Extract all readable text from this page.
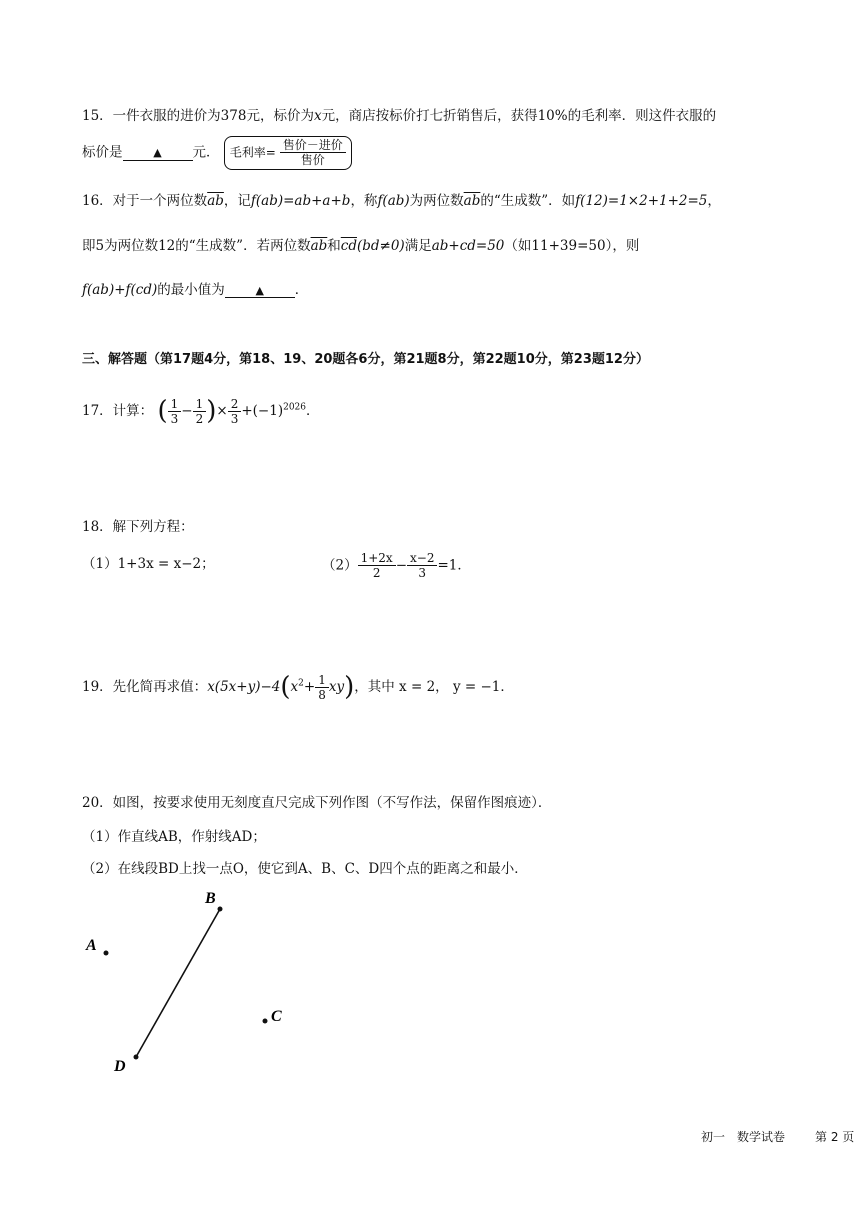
15．一件衣服的进价为378元，标价为x元，商店按标价打七折销售后，获得10%的毛利率．则这件衣服的
标价是	▲ 元． 毛利率= $\frac{\text{售价－进价}}{\text{售价}}$
16．对于一个两位数$\overline{ab}$，记f(ab)=ab+a+b，称f(ab)为两位数$\overline{ab}$的“生成数”．如f(12)=1×2+1+2=5，
即5为两位数12的“生成数”．若两位数$\overline{ab}$和$\overline{cd}(bd\ne 0)$满足ab+cd=50（如11+39=50），则
f(ab)+f(cd)的最小值为	▲ ．
三、解答题（第17题4分，第18、19、20题各6分，第21题8分，第22题10分，第23题12分）
17．计算： ( $\frac{1}{3} - \frac{1}{2}$ )× $\frac{2}{3} +(-1)^{2026}$．
18．解下列方程：
（1）1+3x = x−2；	$(2) \frac{1+2x}{2} - \frac{x-2}{3} =1$．
19．先化简再求值：$x(5x+y)-4(x^2+ \frac{1}{8} xy)$，其中 x = 2， y = −1．
20．如图，按要求使用无刻度直尺完成下列作图（不写作法，保留作图痕迹）．
（1）作直线AB，作射线AD；
（2）在线段BD上找一点O，使它到A、B、C、D四个点的距离之和最小．
B
A
C
D
初一　数学试卷	第 2 页
